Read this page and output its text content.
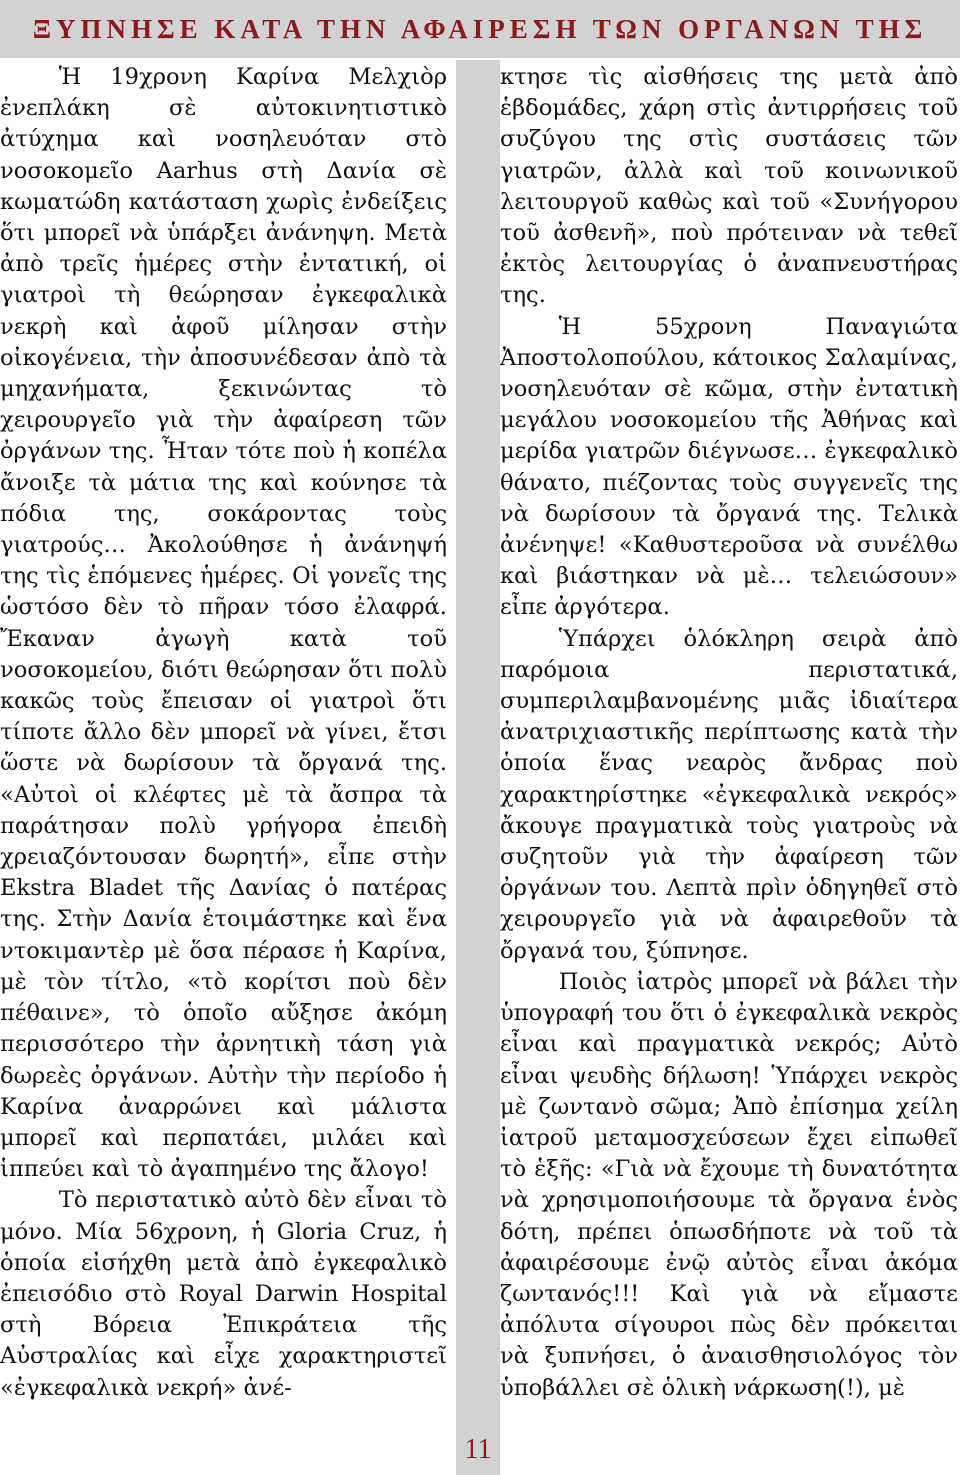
ΞΥΠΝΗΣΕ ΚΑΤΑ ΤΗΝ ΑΦΑΙΡΕΣΗ ΤΩΝ ΟΡΓΑΝΩΝ ΤΗΣ

Ἡ 19χρονη Καρίνα Μελχιὸρ ἐνεπλάκη σὲ αὐτοκινητιστικὸ ἀτύχημα καὶ νοσηλευόταν στὸ νοσοκομεῖο Aarhus στὴ Δανία σὲ κωματώδη κατάσταση χωρὶς ἐνδείξεις ὅτι μπορεῖ νὰ ὑπάρξει ἀνάνηψη. Μετὰ ἀπὸ τρεῖς ἡμέρες στὴν ἐντατική, οἱ γιατροὶ τὴ θεώρησαν ἐγκεφαλικὰ νεκρὴ καὶ ἀφοῦ μίλησαν στὴν οἰκογένεια, τὴν ἀποσυνέδεσαν ἀπὸ τὰ μηχανήματα, ξεκινώντας τὸ χειρουργεῖο γιὰ τὴν ἀφαίρεση τῶν ὀργάνων της. Ἦταν τότε ποὺ ἡ κοπέλα ἄνοιξε τὰ μάτια της καὶ κούνησε τὰ πόδια της, σοκάροντας τοὺς γιατρούς… Ἀκολούθησε ἡ ἀνάνηψή της τὶς ἑπόμενες ἡμέρες. Οἱ γονεῖς της ὡστόσο δὲν τὸ πῆραν τόσο ἐλαφρά. Ἔκαναν ἀγωγὴ κατὰ τοῦ νοσοκομείου, διότι θεώρησαν ὅτι πολὺ κακῶς τοὺς ἔπεισαν οἱ γιατροὶ ὅτι τίποτε ἄλλο δὲν μπορεῖ νὰ γίνει, ἔτσι ὥστε νὰ δωρίσουν τὰ ὄργανά της. «Αὐτοὶ οἱ κλέφτες μὲ τὰ ἄσπρα τὰ παράτησαν πολὺ γρήγορα ἐπειδὴ χρειαζόντουσαν δωρητή», εἶπε στὴν Ekstra Bladet τῆς Δανίας ὁ πατέρας της. Στὴν Δανία ἑτοιμάστηκε καὶ ἕνα ντοκιμαντὲρ μὲ ὅσα πέρασε ἡ Καρίνα, μὲ τὸν τίτλο, «τὸ κορίτσι ποὺ δὲν πέθαινε», τὸ ὁποῖο αὔξησε ἀκόμη περισσότερο τὴν ἀρνητικὴ τάση γιὰ δωρεὲς ὀργάνων. Αὐτὴν τὴν περίοδο ἡ Καρίνα ἀναρρώνει καὶ μάλιστα μπορεῖ καὶ περπατάει, μιλάει καὶ ἱππεύει καὶ τὸ ἀγαπημένο της ἄλογο!

Τὸ περιστατικὸ αὐτὸ δὲν εἶναι τὸ μόνο. Μία 56χρονη, ἡ Gloria Cruz, ἡ ὁποία εἰσήχθη μετὰ ἀπὸ ἐγκεφαλικὸ ἐπεισόδιο στὸ Royal Darwin Hospital στὴ Βόρεια Ἐπικράτεια τῆς Αὐστραλίας καὶ εἶχε χαρακτηριστεῖ «ἐγκεφαλικὰ νεκρή» ἀνέ-

11

κτησε τὶς αἰσθήσεις της μετὰ ἀπὸ ἑβδομάδες, χάρη στὶς ἀντιρρήσεις τοῦ συζύγου της στὶς συστάσεις τῶν γιατρῶν, ἀλλὰ καὶ τοῦ κοινωνικοῦ λειτουργοῦ καθὼς καὶ τοῦ «Συνήγορου τοῦ ἀσθενῆ», ποὺ πρότειναν νὰ τεθεῖ ἐκτὸς λειτουργίας ὁ ἀναπνευστήρας της.

Ἡ 55χρονη Παναγιώτα Ἀποστολοπούλου, κάτοικος Σαλαμίνας, νοσηλευόταν σὲ κῶμα, στὴν ἐντατικὴ μεγάλου νοσοκομείου τῆς Ἀθήνας καὶ μερίδα γιατρῶν διέγνωσε… ἐγκεφαλικὸ θάνατο, πιέζοντας τοὺς συγγενεῖς της νὰ δωρίσουν τὰ ὄργανά της. Τελικὰ ἀνένηψε! «Καθυστεροῦσα νὰ συνέλθω καὶ βιάστηκαν νὰ μὲ… τελειώσουν» εἶπε ἀργότερα.

Ὑπάρχει ὁλόκληρη σειρὰ ἀπὸ παρόμοια περιστατικά, συμπεριλαμβανομένης μιᾶς ἰδιαίτερα ἀνατριχιαστικῆς περίπτωσης κατὰ τὴν ὁποία ἕνας νεαρὸς ἄνδρας ποὺ χαρακτηρίστηκε «ἐγκεφαλικὰ νεκρός» ἄκουγε πραγματικὰ τοὺς γιατροὺς νὰ συζητοῦν γιὰ τὴν ἀφαίρεση τῶν ὀργάνων του. Λεπτὰ πρὶν ὁδηγηθεῖ στὸ χειρουργεῖο γιὰ νὰ ἀφαιρεθοῦν τὰ ὄργανά του, ξύπνησε.

Ποιὸς ἰατρὸς μπορεῖ νὰ βάλει τὴν ὑπογραφή του ὅτι ὁ ἐγκεφαλικὰ νεκρὸς εἶναι καὶ πραγματικὰ νεκρός; Αὐτὸ εἶναι ψευδὴς δήλωση! Ὑπάρχει νεκρὸς μὲ ζωντανὸ σῶμα; Ἀπὸ ἐπίσημα χείλη ἰατροῦ μεταμοσχεύσεων ἔχει εἰπωθεῖ τὸ ἑξῆς: «Γιὰ νὰ ἔχουμε τὴ δυνατότητα νὰ χρησιμοποιήσουμε τὰ ὄργανα ἑνὸς δότη, πρέπει ὁπωσδήποτε νὰ τοῦ τὰ ἀφαιρέσουμε ἐνῷ αὐτὸς εἶναι ἀκόμα ζωντανός!!! Καὶ γιὰ νὰ εἴμαστε ἀπόλυτα σίγουροι πὼς δὲν πρόκειται νὰ ξυπνήσει, ὁ ἀναισθησιολόγος τὸν ὑποβάλλει σὲ ὁλικὴ νάρκωση(!), μὲ
